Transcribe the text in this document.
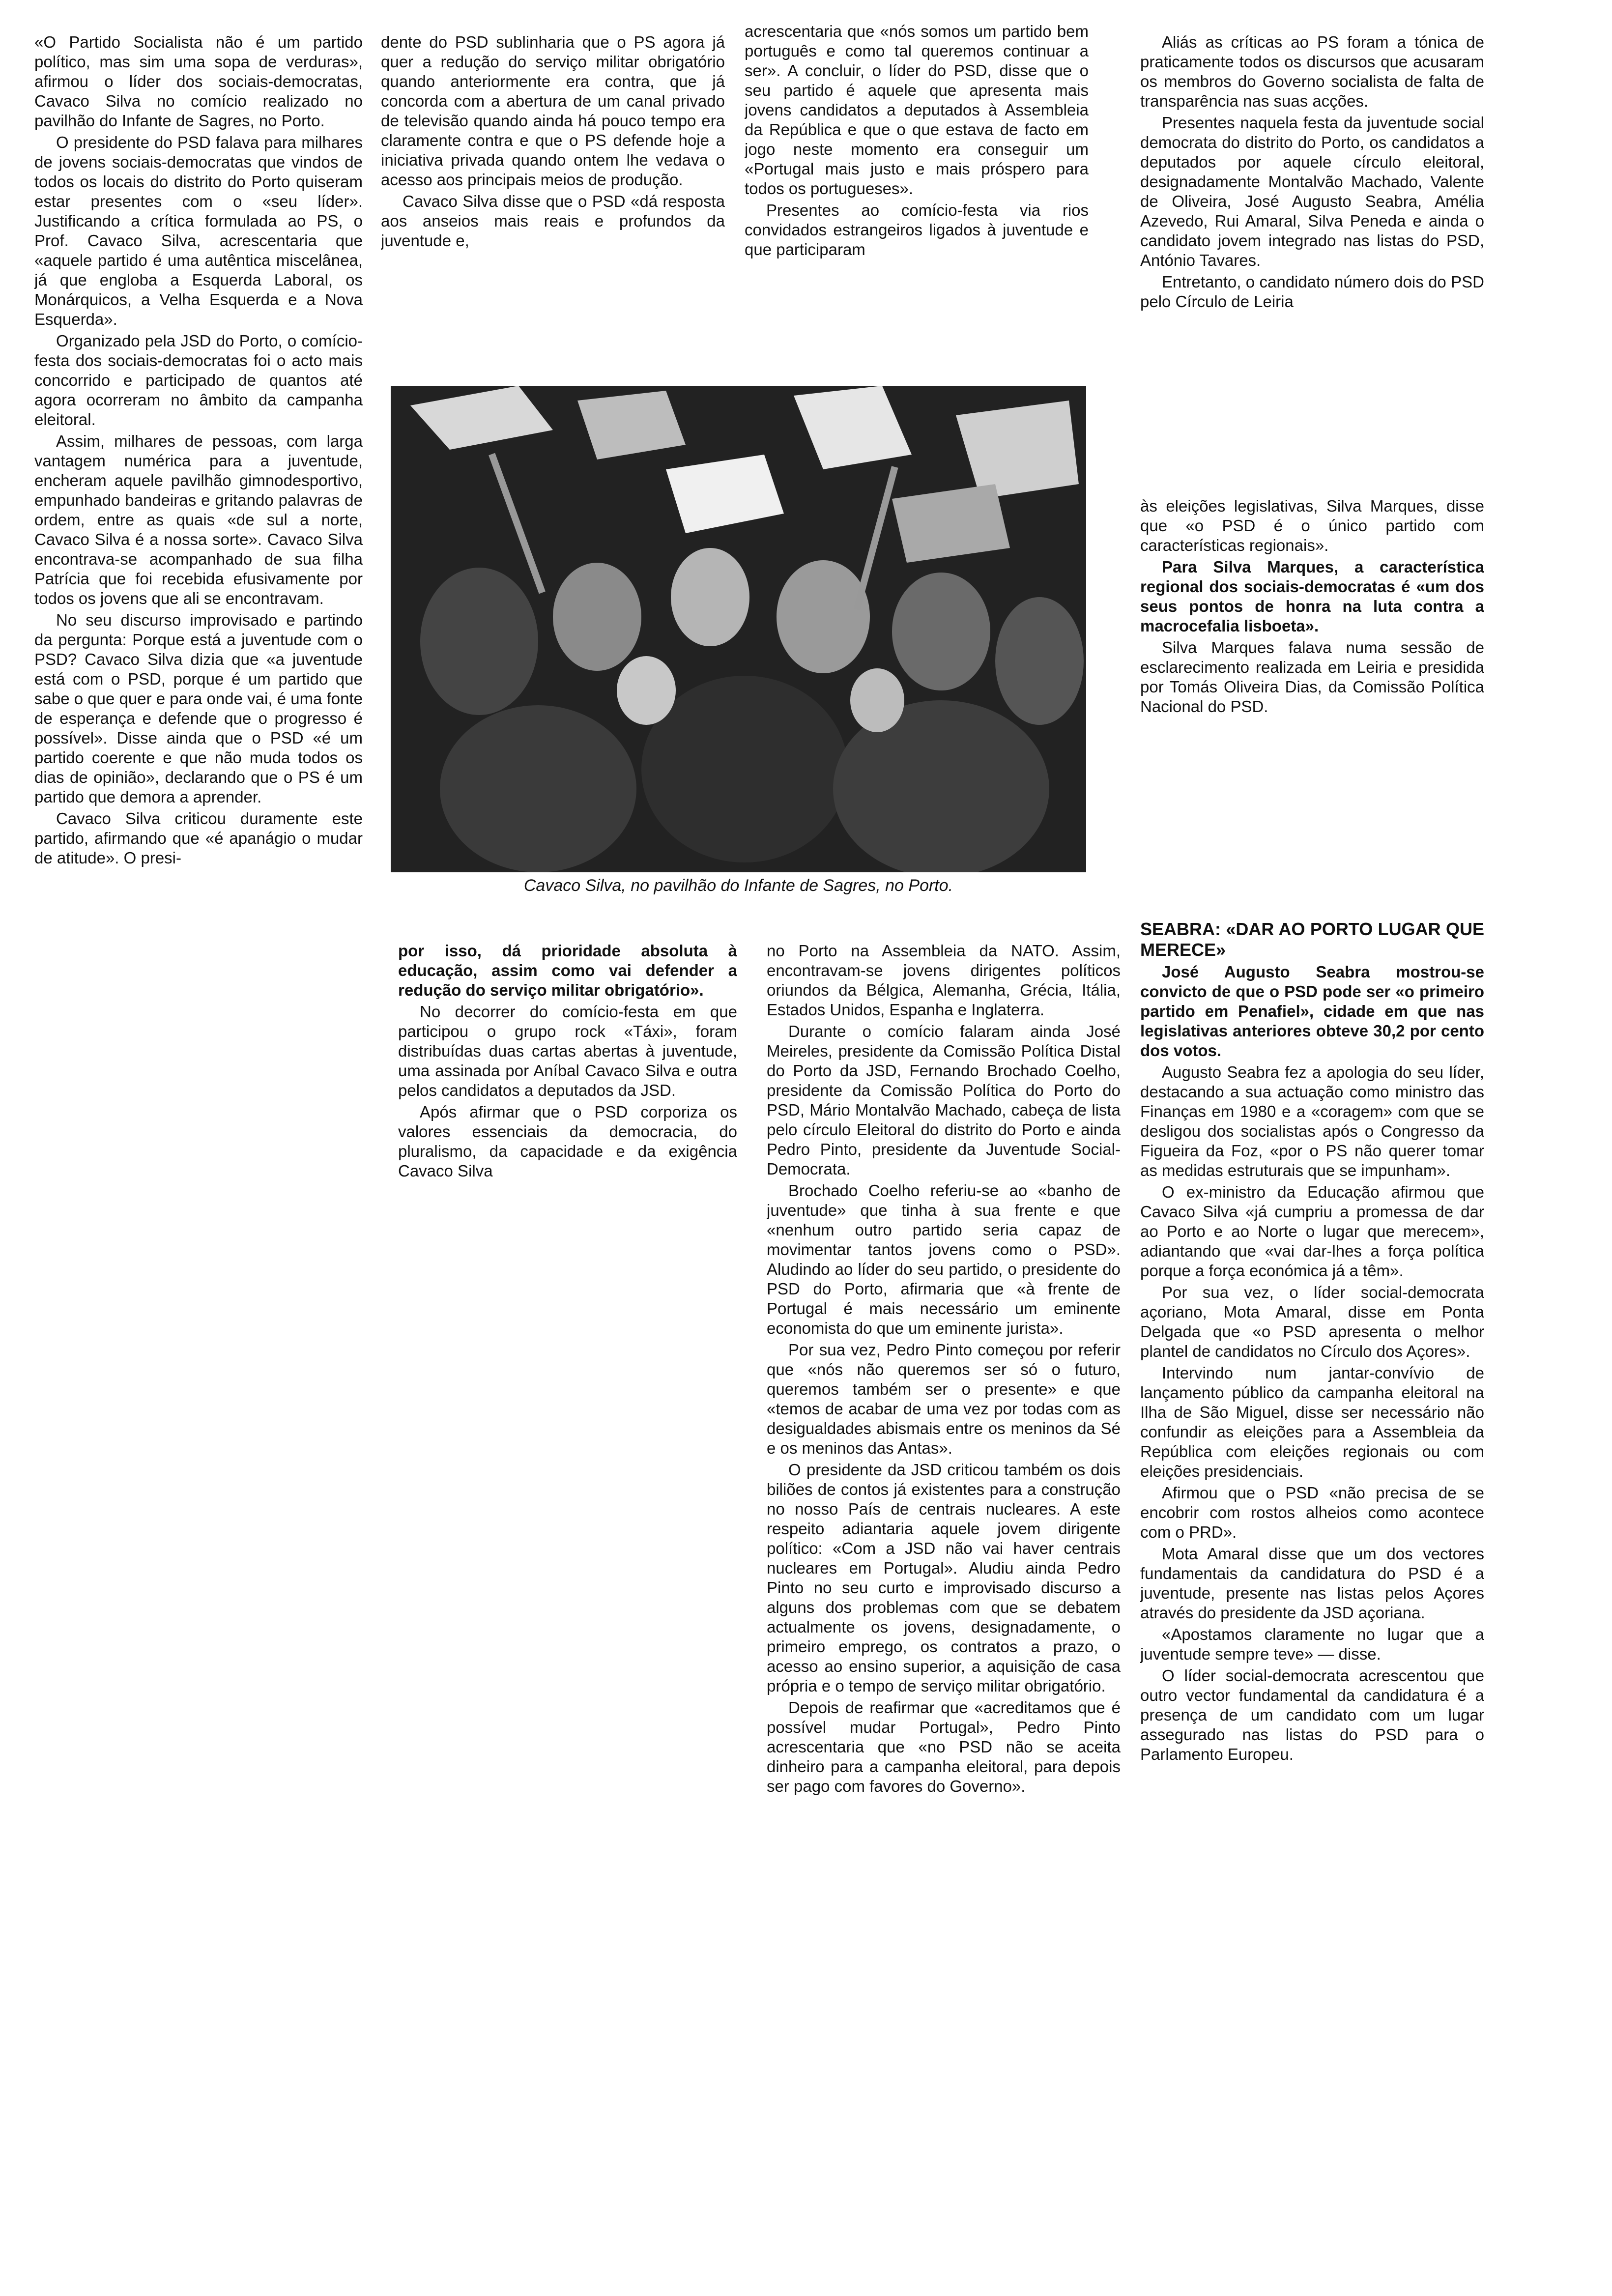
«O Partido Socialista não é um partido político, mas sim uma sopa de verduras», afirmou o líder dos sociais-democratas, Cavaco Silva no comício realizado no pavilhão do Infante de Sagres, no Porto.

O presidente do PSD falava para milhares de jovens sociais-democratas que vindos de todos os locais do distrito do Porto quiseram estar presentes com o «seu líder». Justificando a crítica formulada ao PS, o Prof. Cavaco Silva, acrescentaria que «aquele partido é uma autêntica miscelânea, já que engloba a Esquerda Laboral, os Monárquicos, a Velha Esquerda e a Nova Esquerda».

Organizado pela JSD do Porto, o comício-festa dos sociais-democratas foi o acto mais concorrido e participado de quantos até agora ocorreram no âmbito da campanha eleitoral.

Assim, milhares de pessoas, com larga vantagem numérica para a juventude, encheram aquele pavilhão gimnodesportivo, empunhado bandeiras e gritando palavras de ordem, entre as quais «de sul a norte, Cavaco Silva é a nossa sorte». Cavaco Silva encontrava-se acompanhado de sua filha Patrícia que foi recebida efusivamente por todos os jovens que ali se encontravam.

No seu discurso improvisado e partindo da pergunta: Porque está a juventude com o PSD? Cavaco Silva dizia que «a juventude está com o PSD, porque é um partido que sabe o que quer e para onde vai, é uma fonte de esperança e defende que o progresso é possível». Disse ainda que o PSD «é um partido coerente e que não muda todos os dias de opinião», declarando que o PS é um partido que demora a aprender.

Cavaco Silva criticou duramente este partido, afirmando que «é apanágio o mudar de atitude». O presi-

dente do PSD sublinharia que o PS agora já quer a redução do serviço militar obrigatório quando anteriormente era contra, que já concorda com a abertura de um canal privado de televisão quando ainda há pouco tempo era claramente contra e que o PS defende hoje a iniciativa privada quando ontem lhe vedava o acesso aos principais meios de produção.

Cavaco Silva disse que o PSD «dá resposta aos anseios mais reais e profundos da juventude e,

acrescentaria que «nós somos um partido bem português e como tal queremos continuar a ser». A concluir, o líder do PSD, disse que o seu partido é aquele que apresenta mais jovens candidatos a deputados à Assembleia da República e que o que estava de facto em jogo neste momento era conseguir um «Portugal mais justo e mais próspero para todos os portugueses».

Presentes ao comício-festa via rios convidados estrangeiros ligados à juventude e que participaram

Aliás as críticas ao PS foram a tónica de praticamente todos os discursos que acusaram os membros do Governo socialista de falta de transparência nas suas acções.

Presentes naquela festa da juventude social democrata do distrito do Porto, os candidatos a deputados por aquele círculo eleitoral, designadamente Montalvão Machado, Valente de Oliveira, José Augusto Seabra, Amélia Azevedo, Rui Amaral, Silva Peneda e ainda o candidato jovem integrado nas listas do PSD, António Tavares.

Entretanto, o candidato número dois do PSD pelo Círculo de Leiria

às eleições legislativas, Silva Marques, disse que «o PSD é o único partido com características regionais».

Para Silva Marques, a característica regional dos sociais-democratas é «um dos seus pontos de honra na luta contra a macrocefalia lisboeta».

Silva Marques falava numa sessão de esclarecimento realizada em Leiria e presidida por Tomás Oliveira Dias, da Comissão Política Nacional do PSD.

Cavaco Silva, no pavilhão do Infante de Sagres, no Porto.

por isso, dá prioridade absoluta à educação, assim como vai defender a redução do serviço militar obrigatório».

No decorrer do comício-festa em que participou o grupo rock «Táxi», foram distribuídas duas cartas abertas à juventude, uma assinada por Aníbal Cavaco Silva e outra pelos candidatos a deputados da JSD.

Após afirmar que o PSD corporiza os valores essenciais da democracia, do pluralismo, da capacidade e da exigência Cavaco Silva

no Porto na Assembleia da NATO. Assim, encontravam-se jovens dirigentes políticos oriundos da Bélgica, Alemanha, Grécia, Itália, Estados Unidos, Espanha e Inglaterra.

Durante o comício falaram ainda José Meireles, presidente da Comissão Política Distal do Porto da JSD, Fernando Brochado Coelho, presidente da Comissão Política do Porto do PSD, Mário Montalvão Machado, cabeça de lista pelo círculo Eleitoral do distrito do Porto e ainda Pedro Pinto, presidente da Juventude Social-Democrata.

Brochado Coelho referiu-se ao «banho de juventude» que tinha à sua frente e que «nenhum outro partido seria capaz de movimentar tantos jovens como o PSD». Aludindo ao líder do seu partido, o presidente do PSD do Porto, afirmaria que «à frente de Portugal é mais necessário um eminente economista do que um eminente jurista».

Por sua vez, Pedro Pinto começou por referir que «nós não queremos ser só o futuro, queremos também ser o presente» e que «temos de acabar de uma vez por todas com as desigualdades abismais entre os meninos da Sé e os meninos das Antas».

O presidente da JSD criticou também os dois biliões de contos já existentes para a construção no nosso País de centrais nucleares. A este respeito adiantaria aquele jovem dirigente político: «Com a JSD não vai haver centrais nucleares em Portugal». Aludiu ainda Pedro Pinto no seu curto e improvisado discurso a alguns dos problemas com que se debatem actualmente os jovens, designadamente, o primeiro emprego, os contratos a prazo, o acesso ao ensino superior, a aquisição de casa própria e o tempo de serviço militar obrigatório.

Depois de reafirmar que «acreditamos que é possível mudar Portugal», Pedro Pinto acrescentaria que «no PSD não se aceita dinheiro para a campanha eleitoral, para depois ser pago com favores do Governo».

SEABRA: «DAR AO PORTO LUGAR QUE MERECE»

José Augusto Seabra mostrou-se convicto de que o PSD pode ser «o primeiro partido em Penafiel», cidade em que nas legislativas anteriores obteve 30,2 por cento dos votos.

Augusto Seabra fez a apologia do seu líder, destacando a sua actuação como ministro das Finanças em 1980 e a «coragem» com que se desligou dos socialistas após o Congresso da Figueira da Foz, «por o PS não querer tomar as medidas estruturais que se impunham».

O ex-ministro da Educação afirmou que Cavaco Silva «já cumpriu a promessa de dar ao Porto e ao Norte o lugar que merecem», adiantando que «vai dar-lhes a força política porque a força económica já a têm».

Por sua vez, o líder social-democrata açoriano, Mota Amaral, disse em Ponta Delgada que «o PSD apresenta o melhor plantel de candidatos no Círculo dos Açores».

Intervindo num jantar-convívio de lançamento público da campanha eleitoral na Ilha de São Miguel, disse ser necessário não confundir as eleições para a Assembleia da República com eleições regionais ou com eleições presidenciais.

Afirmou que o PSD «não precisa de se encobrir com rostos alheios como acontece com o PRD».

Mota Amaral disse que um dos vectores fundamentais da candidatura do PSD é a juventude, presente nas listas pelos Açores através do presidente da JSD açoriana.

«Apostamos claramente no lugar que a juventude sempre teve» — disse.

O líder social-democrata acrescentou que outro vector fundamental da candidatura é a presença de um candidato com um lugar assegurado nas listas do PSD para o Parlamento Europeu.
